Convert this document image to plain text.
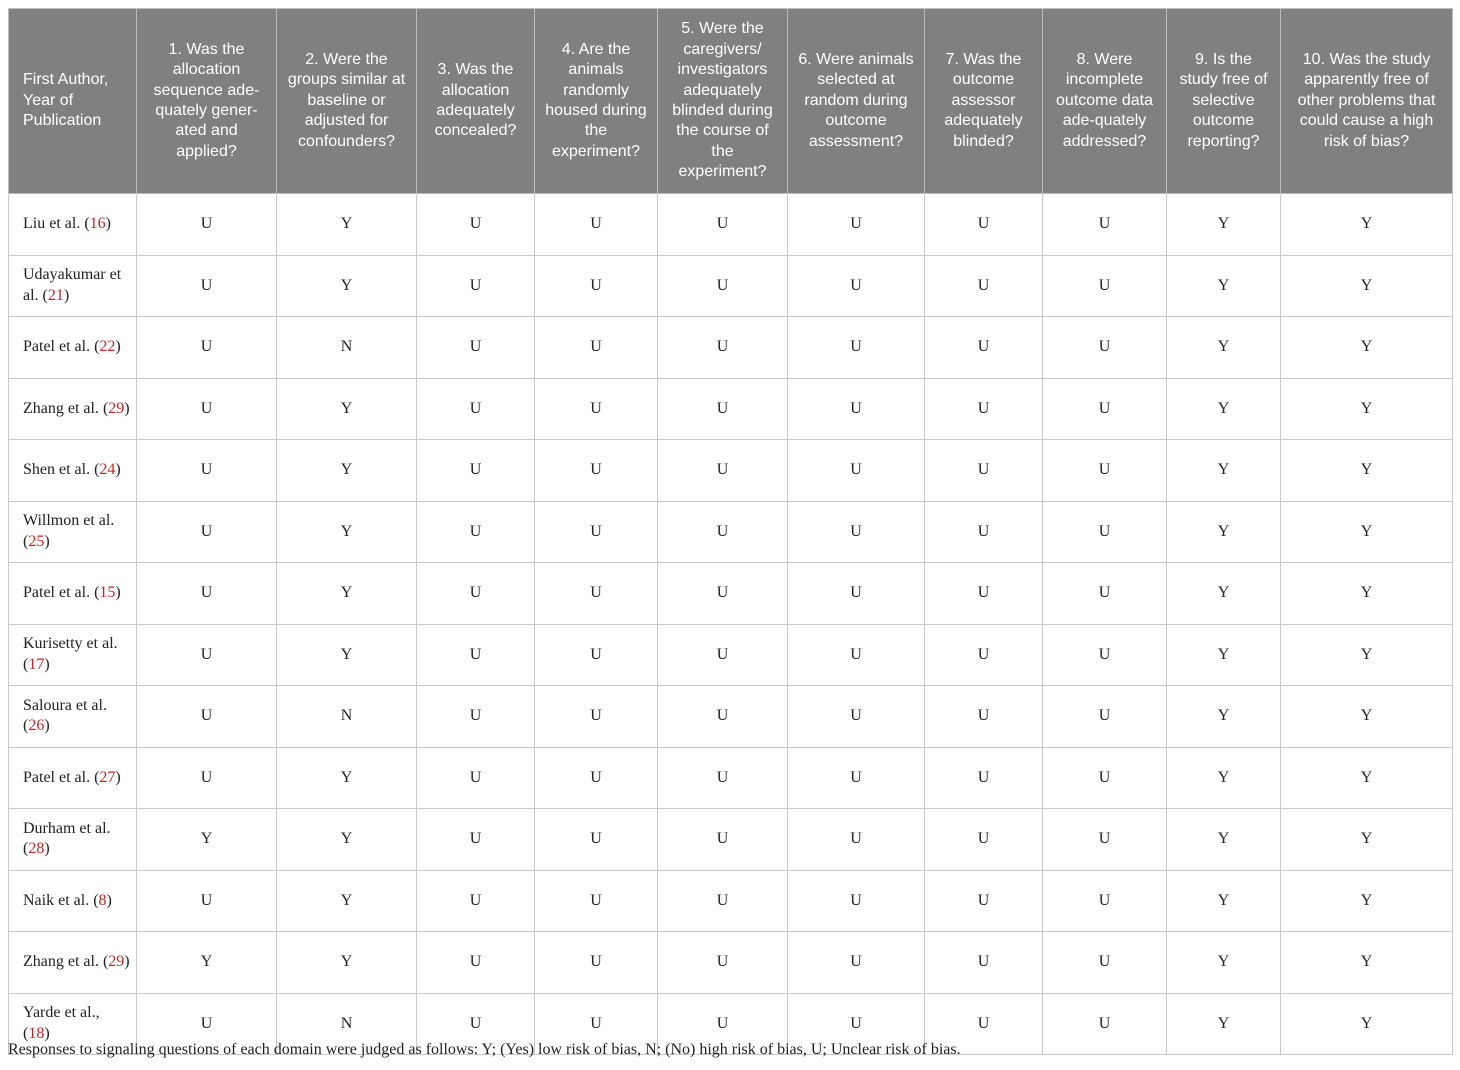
First Author, Year of Publication	1. Was the allocation sequence ade-quately gener-ated and applied?	2. Were the groups similar at baseline or adjusted for confounders?	3. Was the allocation adequately concealed?	4. Are the animals randomly housed during the experiment?	5. Were the caregivers/ investigators adequately blinded during the course of the experiment?	6. Were animals selected at random during outcome assessment?	7. Was the outcome assessor adequately blinded?	8. Were incomplete outcome data ade-quately addressed?	9. Is the study free of selective outcome reporting?	10. Was the study apparently free of other problems that could cause a high risk of bias?
Liu et al. (16)	U	Y	U	U	U	U	U	U	Y	Y
Udayakumar et al. (21)	U	Y	U	U	U	U	U	U	Y	Y
Patel et al. (22)	U	N	U	U	U	U	U	U	Y	Y
Zhang et al. (29)	U	Y	U	U	U	U	U	U	Y	Y
Shen et al. (24)	U	Y	U	U	U	U	U	U	Y	Y
Willmon et al. (25)	U	Y	U	U	U	U	U	U	Y	Y
Patel et al. (15)	U	Y	U	U	U	U	U	U	Y	Y
Kurisetty et al. (17)	U	Y	U	U	U	U	U	U	Y	Y
Saloura et al. (26)	U	N	U	U	U	U	U	U	Y	Y
Patel et al. (27)	U	Y	U	U	U	U	U	U	Y	Y
Durham et al. (28)	Y	Y	U	U	U	U	U	U	Y	Y
Naik et al. (8)	U	Y	U	U	U	U	U	U	Y	Y
Zhang et al. (29)	Y	Y	U	U	U	U	U	U	Y	Y
Yarde et al., (18)	U	N	U	U	U	U	U	U	Y	Y
Responses to signaling questions of each domain were judged as follows: Y; (Yes) low risk of bias, N; (No) high risk of bias, U; Unclear risk of bias.
